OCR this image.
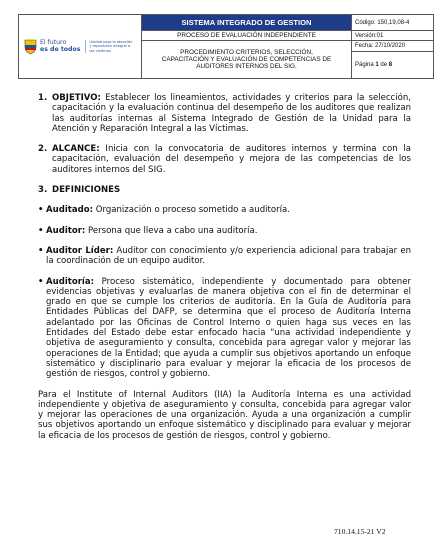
El futuro
es de todos
Unidad para la atención y reparación integral a las víctimas	SISTEMA INTEGRADO DE GESTION	Código: 150,19,08-4
	PROCESO DE EVALUACIÓN INDEPENDIENTE	Versión:01

	PROCEDIMIENTO CRITERIOS, SELECCIÓN,
CAPACITACIÓN Y EVALUACIÓN DE COMPETENCIAS DE
AUDITORES INTERNOS DEL SIG.	Fecha: 27/10/2020
		Página 1 de 8
1. OBJETIVO: Establecer los lineamientos, actividades y criterios para la selección, capacitación y la evaluación continua del desempeño de los auditores que realizan las auditorías internas al Sistema Integrado de Gestión de la Unidad para la Atención y Reparación Integral a las Víctimas.

2. ALCANCE: Inicia con la convocatoria de auditores internos y termina con la capacitación, evaluación del desempeño y mejora de las competencias de los auditores internos del SIG.

3. DEFINICIONES

• Auditado: Organización o proceso sometido a auditoría.

• Auditor: Persona que lleva a cabo una auditoría.

• Auditor Líder: Auditor con conocimiento y/o experiencia adicional para trabajar en la coordinación de un equipo auditor.

• Auditoría: Proceso sistemático, independiente y documentado para obtener evidencias objetivas y evaluarlas de manera objetiva con el fin de determinar el grado en que se cumple los criterios de auditoría. En la Guía de Auditoría para Entidades Públicas del DAFP, se determina que el proceso de Auditoría Interna adelantado por las Oficinas de Control Interno o quien haga sus veces en las Entidades del Estado debe estar enfocado hacia "una actividad independiente y objetiva de aseguramiento y consulta, concebida para agregar valor y mejorar las operaciones de la Entidad; que ayuda a cumplir sus objetivos aportando un enfoque sistemático y disciplinario para evaluar y mejorar la eficacia de los procesos de gestión de riesgos, control y gobierno.

Para el Institute of Internal Auditors (IIA) la Auditoría Interna es una actividad independiente y objetiva de aseguramiento y consulta, concebida para agregar valor y mejorar las operaciones de una organización. Ayuda a una organización a cumplir sus objetivos aportando un enfoque sistemático y disciplinado para evaluar y mejorar la eficacia de los procesos de gestión de riesgos, control y gobierno.

710.14.15-21 V2
